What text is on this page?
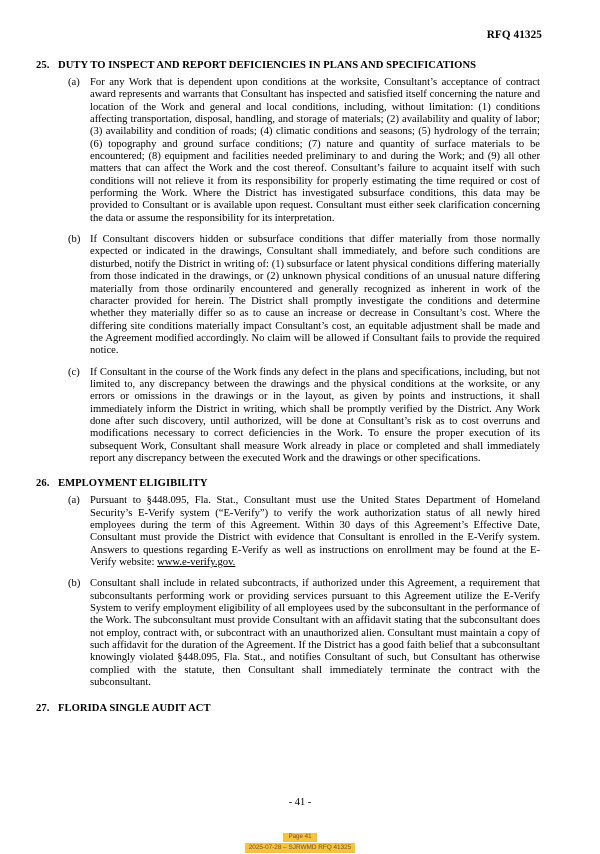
RFQ 41325
25. DUTY TO INSPECT AND REPORT DEFICIENCIES IN PLANS AND SPECIFICATIONS
(a) For any Work that is dependent upon conditions at the worksite, Consultant’s acceptance of contract award represents and warrants that Consultant has inspected and satisfied itself concerning the nature and location of the Work and general and local conditions, including, without limitation: (1) conditions affecting transportation, disposal, handling, and storage of materials; (2) availability and quality of labor; (3) availability and condition of roads; (4) climatic conditions and seasons; (5) hydrology of the terrain; (6) topography and ground surface conditions; (7) nature and quantity of surface materials to be encountered; (8) equipment and facilities needed preliminary to and during the Work; and (9) all other matters that can affect the Work and the cost thereof. Consultant’s failure to acquaint itself with such conditions will not relieve it from its responsibility for properly estimating the time required or cost of performing the Work. Where the District has investigated subsurface conditions, this data may be provided to Consultant or is available upon request. Consultant must either seek clarification concerning the data or assume the responsibility for its interpretation.
(b) If Consultant discovers hidden or subsurface conditions that differ materially from those normally expected or indicated in the drawings, Consultant shall immediately, and before such conditions are disturbed, notify the District in writing of: (1) subsurface or latent physical conditions differing materially from those indicated in the drawings, or (2) unknown physical conditions of an unusual nature differing materially from those ordinarily encountered and generally recognized as inherent in work of the character provided for herein. The District shall promptly investigate the conditions and determine whether they materially differ so as to cause an increase or decrease in Consultant’s cost. Where the differing site conditions materially impact Consultant’s cost, an equitable adjustment shall be made and the Agreement modified accordingly. No claim will be allowed if Consultant fails to provide the required notice.
(c) If Consultant in the course of the Work finds any defect in the plans and specifications, including, but not limited to, any discrepancy between the drawings and the physical conditions at the worksite, or any errors or omissions in the drawings or in the layout, as given by points and instructions, it shall immediately inform the District in writing, which shall be promptly verified by the District. Any Work done after such discovery, until authorized, will be done at Consultant’s risk as to cost overruns and modifications necessary to correct deficiencies in the Work. To ensure the proper execution of its subsequent Work, Consultant shall measure Work already in place or completed and shall immediately report any discrepancy between the executed Work and the drawings or other specifications.
26. EMPLOYMENT ELIGIBILITY
(a) Pursuant to §448.095, Fla. Stat., Consultant must use the United States Department of Homeland Security’s E-Verify system (“E-Verify”) to verify the work authorization status of all newly hired employees during the term of this Agreement. Within 30 days of this Agreement’s Effective Date, Consultant must provide the District with evidence that Consultant is enrolled in the E-Verify system. Answers to questions regarding E-Verify as well as instructions on enrollment may be found at the E-Verify website: www.e-verify.gov.
(b) Consultant shall include in related subcontracts, if authorized under this Agreement, a requirement that subconsultants performing work or providing services pursuant to this Agreement utilize the E-Verify System to verify employment eligibility of all employees used by the subconsultant in the performance of the Work. The subconsultant must provide Consultant with an affidavit stating that the subconsultant does not employ, contract with, or subcontract with an unauthorized alien. Consultant must maintain a copy of such affidavit for the duration of the Agreement. If the District has a good faith belief that a subconsultant knowingly violated §448.095, Fla. Stat., and notifies Consultant of such, but Consultant has otherwise complied with the statute, then Consultant shall immediately terminate the contract with the subconsultant.
27. FLORIDA SINGLE AUDIT ACT
- 41 -
Page 41
2025-07-28 – SJRWMD RFQ 41325
